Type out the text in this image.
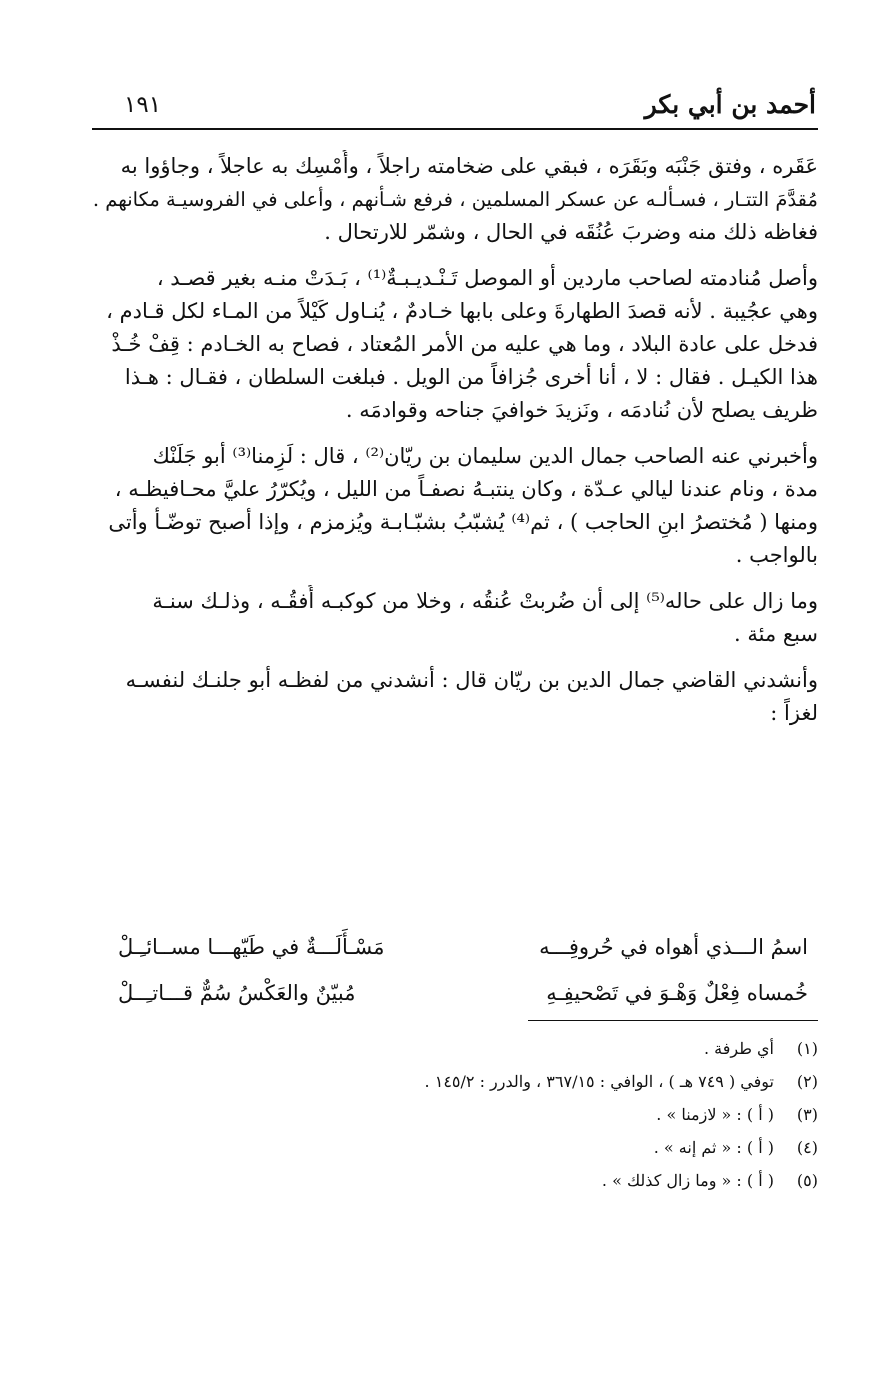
أحمد بن أبي بكر
١٩١
عَقَره ، وفتق جَنْبَه وبَقَرَه ، فبقي على ضخامته راجلاً ، وأُمْسِك به عاجلاً ، وجاؤوا به
مُقدَّمَ التتـار ، فسـألـه عن عسكر المسلمين ، فرفع شـأنهم ، وأعلى في الفروسيـة مكانهم .
فغاظه ذلك منه وضربَ عُنُقَه في الحال ، وشمّر للارتحال .
وأصل مُنادمته لصاحب ماردين أو الموصل تَـنْـديـبـةٌ⁽¹⁾ ، بَـدَتْ منـه بغير قصـد ،
وهي عجُيبة . لأنه قصدَ الطهارةَ وعلى بابها خـادمٌ ، يُنـاول كَيْلاً من المـاء لكل قـادم ،
فدخل على عادة البلاد ، وما هي عليه من الأمر المُعتاد ، فصاح به الخـادم : قِفْ خُـذْ
هذا الكيـل . فقال : لا ، أنا أخرى جُزافاً من الويل . فبلغت السلطان ، فقـال : هـذا
ظريف يصلح لأن نُنادمَه ، ونَزيدَ خوافيَ جناحه وقوادمَه .
وأخبرني عنه الصاحب جمال الدين سليمان بن ريّان⁽²⁾ ، قال : لَزِمنا⁽³⁾ أبو جَلَنْك
مدة ، ونام عندنا ليالي عـدّة ، وكان ينتبـهُ نصفـاً من الليل ، ويُكرّرُ عليَّ محـافيظـه ،
ومنها ( مُختصرُ ابنِ الحاجب ) ، ثم⁽⁴⁾ يُشبّبُ بشبّـابـة ويُزمزم ، وإذا أصبح توضّـأ وأتى
بالواجب .
وما زال على حاله⁽⁵⁾ إلى أن ضُربتْ عُنقُه ، وخلا من كوكبـه أُفقُـه ، وذلـك سنـة
سبع مئة .
وأنشدني القاضي جمال الدين بن ريّان قال : أنشدني من لفظـه أبو جلنـك لنفسـه
لغزاً :
اسمُ الـــذي أهواه في حُروفِـــه
مَسْـأَلَـــةٌ في طَيّهـــا مســائـِـلْ
خُمساه فِعْلٌ وَهْـوَ في تَصْحيفِـهِ
مُبيّنٌ والعَكْسُ سُمٌّ قـــاتـِــلْ
(١)
أي طرفة .
(٢)
توفي ( ٧٤٩ هـ ) ، الوافي : ٣٦٧/١٥ ، والدرر : ١٤٥/٢ .
(٣)
( أ ) : « لازمنا » .
(٤)
( أ ) : « ثم إنه » .
(٥)
( أ ) : « وما زال كذلك » .
